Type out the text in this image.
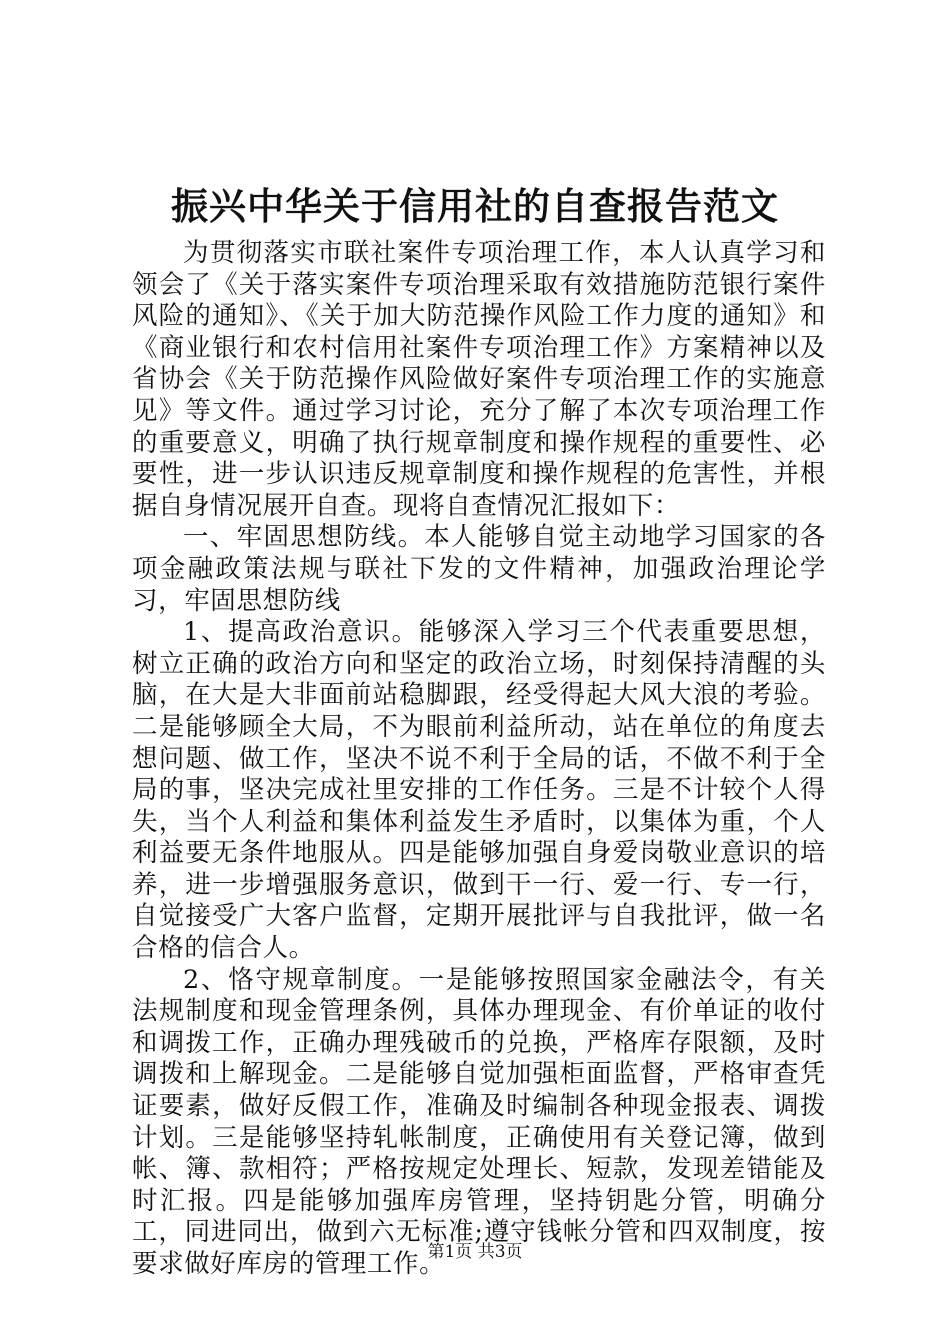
振兴中华关于信用社的自查报告范文

为贯彻落实市联社案件专项治理工作，本人认真学习和领会了《关于落实案件专项治理采取有效措施防范银行案件风险的通知》、《关于加大防范操作风险工作力度的通知》和《商业银行和农村信用社案件专项治理工作》方案精神以及省协会《关于防范操作风险做好案件专项治理工作的实施意见》等文件。通过学习讨论，充分了解了本次专项治理工作的重要意义，明确了执行规章制度和操作规程的重要性、必要性，进一步认识违反规章制度和操作规程的危害性，并根据自身情况展开自查。现将自查情况汇报如下：

一、牢固思想防线。本人能够自觉主动地学习国家的各项金融政策法规与联社下发的文件精神，加强政治理论学习，牢固思想防线

1、提高政治意识。能够深入学习三个代表重要思想，树立正确的政治方向和坚定的政治立场，时刻保持清醒的头脑，在大是大非面前站稳脚跟，经受得起大风大浪的考验。二是能够顾全大局，不为眼前利益所动，站在单位的角度去想问题、做工作，坚决不说不利于全局的话，不做不利于全局的事，坚决完成社里安排的工作任务。三是不计较个人得失，当个人利益和集体利益发生矛盾时，以集体为重，个人利益要无条件地服从。四是能够加强自身爱岗敬业意识的培养，进一步增强服务意识，做到干一行、爱一行、专一行，自觉接受广大客户监督，定期开展批评与自我批评，做一名合格的信合人。

2、恪守规章制度。一是能够按照国家金融法令，有关法规制度和现金管理条例，具体办理现金、有价单证的收付和调拨工作，正确办理残破币的兑换，严格库存限额，及时调拨和上解现金。二是能够自觉加强柜面监督，严格审查凭证要素，做好反假工作，准确及时编制各种现金报表、调拨计划。三是能够坚持轧帐制度，正确使用有关登记簿，做到帐、簿、款相符；严格按规定处理长、短款，发现差错能及时汇报。四是能够加强库房管理，坚持钥匙分管，明确分工，同进同出，做到六无标准;遵守钱帐分管和四双制度，按要求做好库房的管理工作。

第1页 共3页
